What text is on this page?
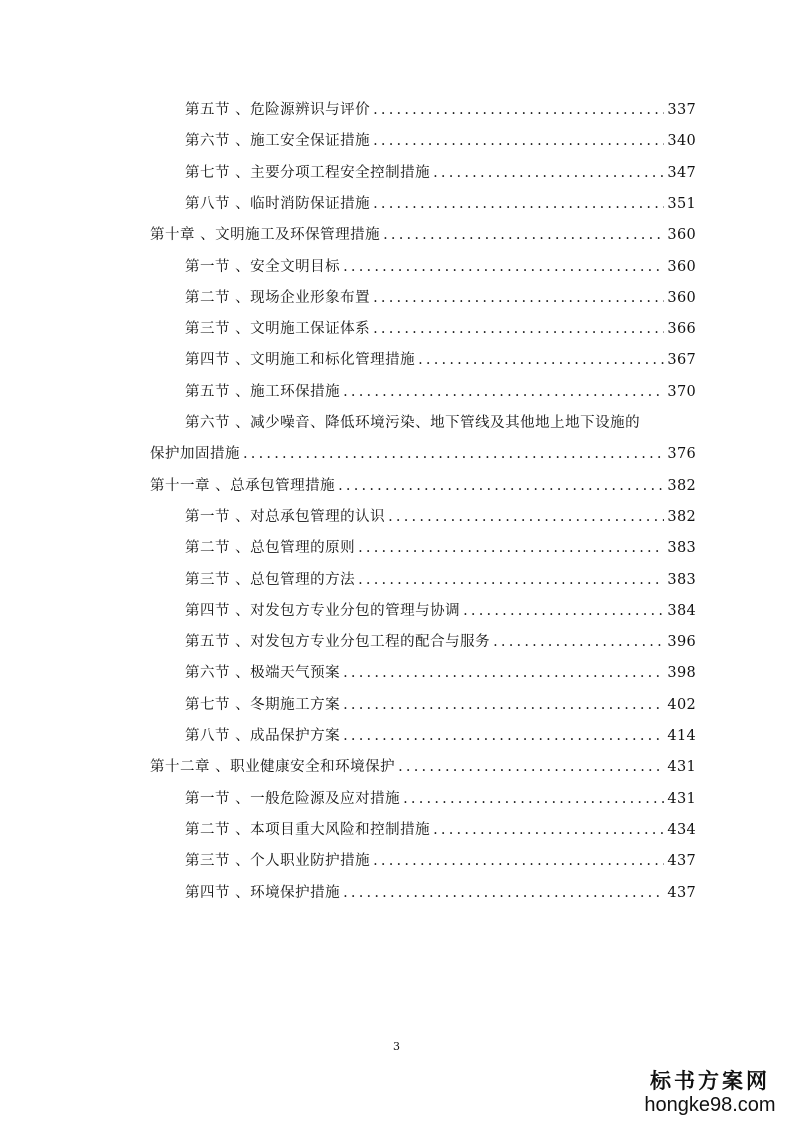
第五节 、危险源辨识与评价 .....	337
第六节 、施工安全保证措施 .....	340
第七节 、主要分项工程安全控制措施 .....	347
第八节 、临时消防保证措施 .....	351
第十章 、文明施工及环保管理措施 .....	360
第一节 、安全文明目标 .....	360
第二节 、现场企业形象布置 .....	360
第三节 、文明施工保证体系 .....	366
第四节 、文明施工和标化管理措施 .....	367
第五节 、施工环保措施 .....	370
第六节 、减少噪音、降低环境污染、地下管线及其他地上地下设施的
保护加固措施 .....	376
第十一章 、总承包管理措施 .....	382
第一节 、对总承包管理的认识 .....	382
第二节 、总包管理的原则 .....	383
第三节 、总包管理的方法 .....	383
第四节 、对发包方专业分包的管理与协调 .....	384
第五节 、对发包方专业分包工程的配合与服务 .....	396
第六节 、极端天气预案 .....	398
第七节 、冬期施工方案 .....	402
第八节 、成品保护方案 .....	414
第十二章 、职业健康安全和环境保护 .....	431
第一节 、一般危险源及应对措施 .....	431
第二节 、本项目重大风险和控制措施 .....	434
第三节 、个人职业防护措施 .....	437
第四节 、环境保护措施 .....	437
3
标书方案网
hongke98.com
